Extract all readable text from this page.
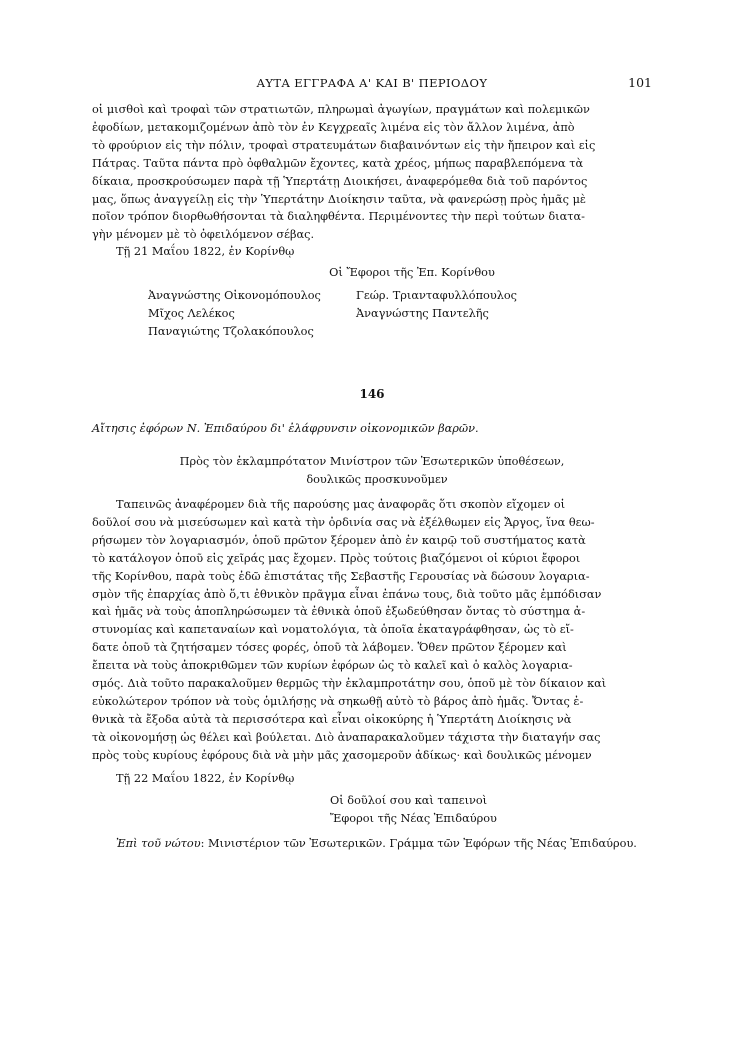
ΑΥΤΑ ΕΓΓΡΑΦΑ Α' ΚΑΙ Β' ΠΕΡΙΟΔΟΥ	101

οἱ μισθοὶ καὶ τροφαὶ τῶν στρατιωτῶν, πληρωμαὶ ἀγωγίων, πραγμάτων καὶ πολεμικῶν

ἐφοδίων, μετακομιζομένων ἀπὸ τὸν ἐν Κεγχρεαῖς λιμένα εἰς τὸν ἄλλον λιμένα, ἀπὸ

τὸ φρούριον εἰς τὴν πόλιν, τροφαὶ στρατευμάτων διαβαινόντων εἰς τὴν ἤπειρον καὶ εἰς

Πάτρας. Ταῦτα πάντα πρὸ ὀφθαλμῶν ἔχοντες, κατὰ χρέος, μήπως παραβλεπόμενα τὰ

δίκαια, προσκρούσωμεν παρὰ τῇ Ὑπερτάτῃ Διοικήσει, ἀναφερόμεθα διὰ τοῦ παρόντος

μας, ὅπως ἀναγγείλῃ εἰς τὴν Ὑπερτάτην Διοίκησιν ταῦτα, νὰ φανερώσῃ πρὸς ἡμᾶς μὲ

ποῖον τρόπον διορθωθήσονται τὰ διαληφθέντα. Περιμένοντες τὴν περὶ τούτων διατα-

γὴν μένομεν μὲ τὸ ὀφειλόμενον σέβας.

Τῇ 21 Μαΐου 1822, ἐν Κορίνθῳ
Οἱ Ἔφοροι τῆς Ἐπ. Κορίνθου
Ἀναγνώστης Οἰκονομόπουλος
Μῖχος Λελέκος
Παναγιώτης Τζολακόπουλος
Γεώρ. Τριανταφυλλόπουλος
Ἀναγνώστης Παντελῆς
146
Αἴτησις ἐφόρων Ν. Ἐπιδαύρου δι' ἐλάφρυνσιν οἰκονομικῶν βαρῶν.
Πρὸς τὸν ἐκλαμπρότατον Μινίστρον τῶν Ἐσωτερικῶν ὑποθέσεων,
δουλικῶς προσκυνοῦμεν

Ταπεινῶς ἀναφέρομεν διὰ τῆς παρούσης μας ἀναφορᾶς ὅτι σκοπὸν εἴχομεν οἱ

δοῦλοί σου νὰ μισεύσωμεν καὶ κατὰ τὴν ὀρδινία σας νὰ ἐξέλθωμεν εἰς Ἄργος, ἵνα θεω-

ρήσωμεν τὸν λογαριασμόν, ὁποῦ πρῶτον ξέρομεν ἀπὸ ἐν καιρῷ τοῦ συστήματος κατὰ

τὸ κατάλογον ὁποῦ εἰς χεῖράς μας ἔχομεν. Πρὸς τούτοις βιαζόμενοι οἱ κύριοι ἔφοροι

τῆς Κορίνθου, παρὰ τοὺς ἐδῶ ἐπιστάτας τῆς Σεβαστῆς Γερουσίας νὰ δώσουν λογαρια-

σμὸν τῆς ἐπαρχίας ἀπὸ ὅ,τι ἐθνικὸν πρᾶγμα εἶναι ἐπάνω τους, διὰ τοῦτο μᾶς ἐμπόδισαν

καὶ ἡμᾶς νὰ τοὺς ἀποπληρώσωμεν τὰ ἐθνικὰ ὁποῦ ἐξωδεύθησαν ὄντας τὸ σύστημα ἀ-

στυνομίας καὶ καπεταναίων καὶ νοματολόγια, τὰ ὁποῖα ἐκαταγράφθησαν, ὡς τὸ εἴ-

δατε ὁποῦ τὰ ζητήσαμεν τόσες φορές, ὁποῦ τὰ λάβομεν. Ὅθεν πρῶτον ξέρομεν καὶ

ἔπειτα νὰ τοὺς ἀποκριθῶμεν τῶν κυρίων ἐφόρων ὡς τὸ καλεῖ καὶ ὁ καλὸς λογαρια-

σμός. Διὰ τοῦτο παρακαλοῦμεν θερμῶς τὴν ἐκλαμπροτάτην σου, ὁποῦ μὲ τὸν δίκαιον καὶ

εὐκολώτερον τρόπον νὰ τοὺς ὁμιλήσῃς νὰ σηκωθῇ αὐτὸ τὸ βάρος ἀπὸ ἡμᾶς. Ὄντας ἐ-

θνικὰ τὰ ἔξοδα αὐτὰ τὰ περισσότερα καὶ εἶναι οἰκοκύρης ἡ Ὑπερτάτη Διοίκησις νὰ

τὰ οἰκονομήσῃ ὡς θέλει καὶ βούλεται. Διὸ ἀναπαρακαλοῦμεν τάχιστα τὴν διαταγήν σας

πρὸς τοὺς κυρίους ἐφόρους διὰ νὰ μὴν μᾶς χασομεροῦν ἀδίκως· καὶ δουλικῶς μένομεν

Τῇ 22 Μαΐου 1822, ἐν Κορίνθῳ
Οἱ δοῦλοί σου καὶ ταπεινοὶ
Ἔφοροι τῆς Νέας Ἐπιδαύρου
Ἐπὶ τοῦ νώτου: Μινιστέριον τῶν Ἐσωτερικῶν. Γράμμα τῶν Ἐφόρων τῆς Νέας Ἐπιδαύρου.
